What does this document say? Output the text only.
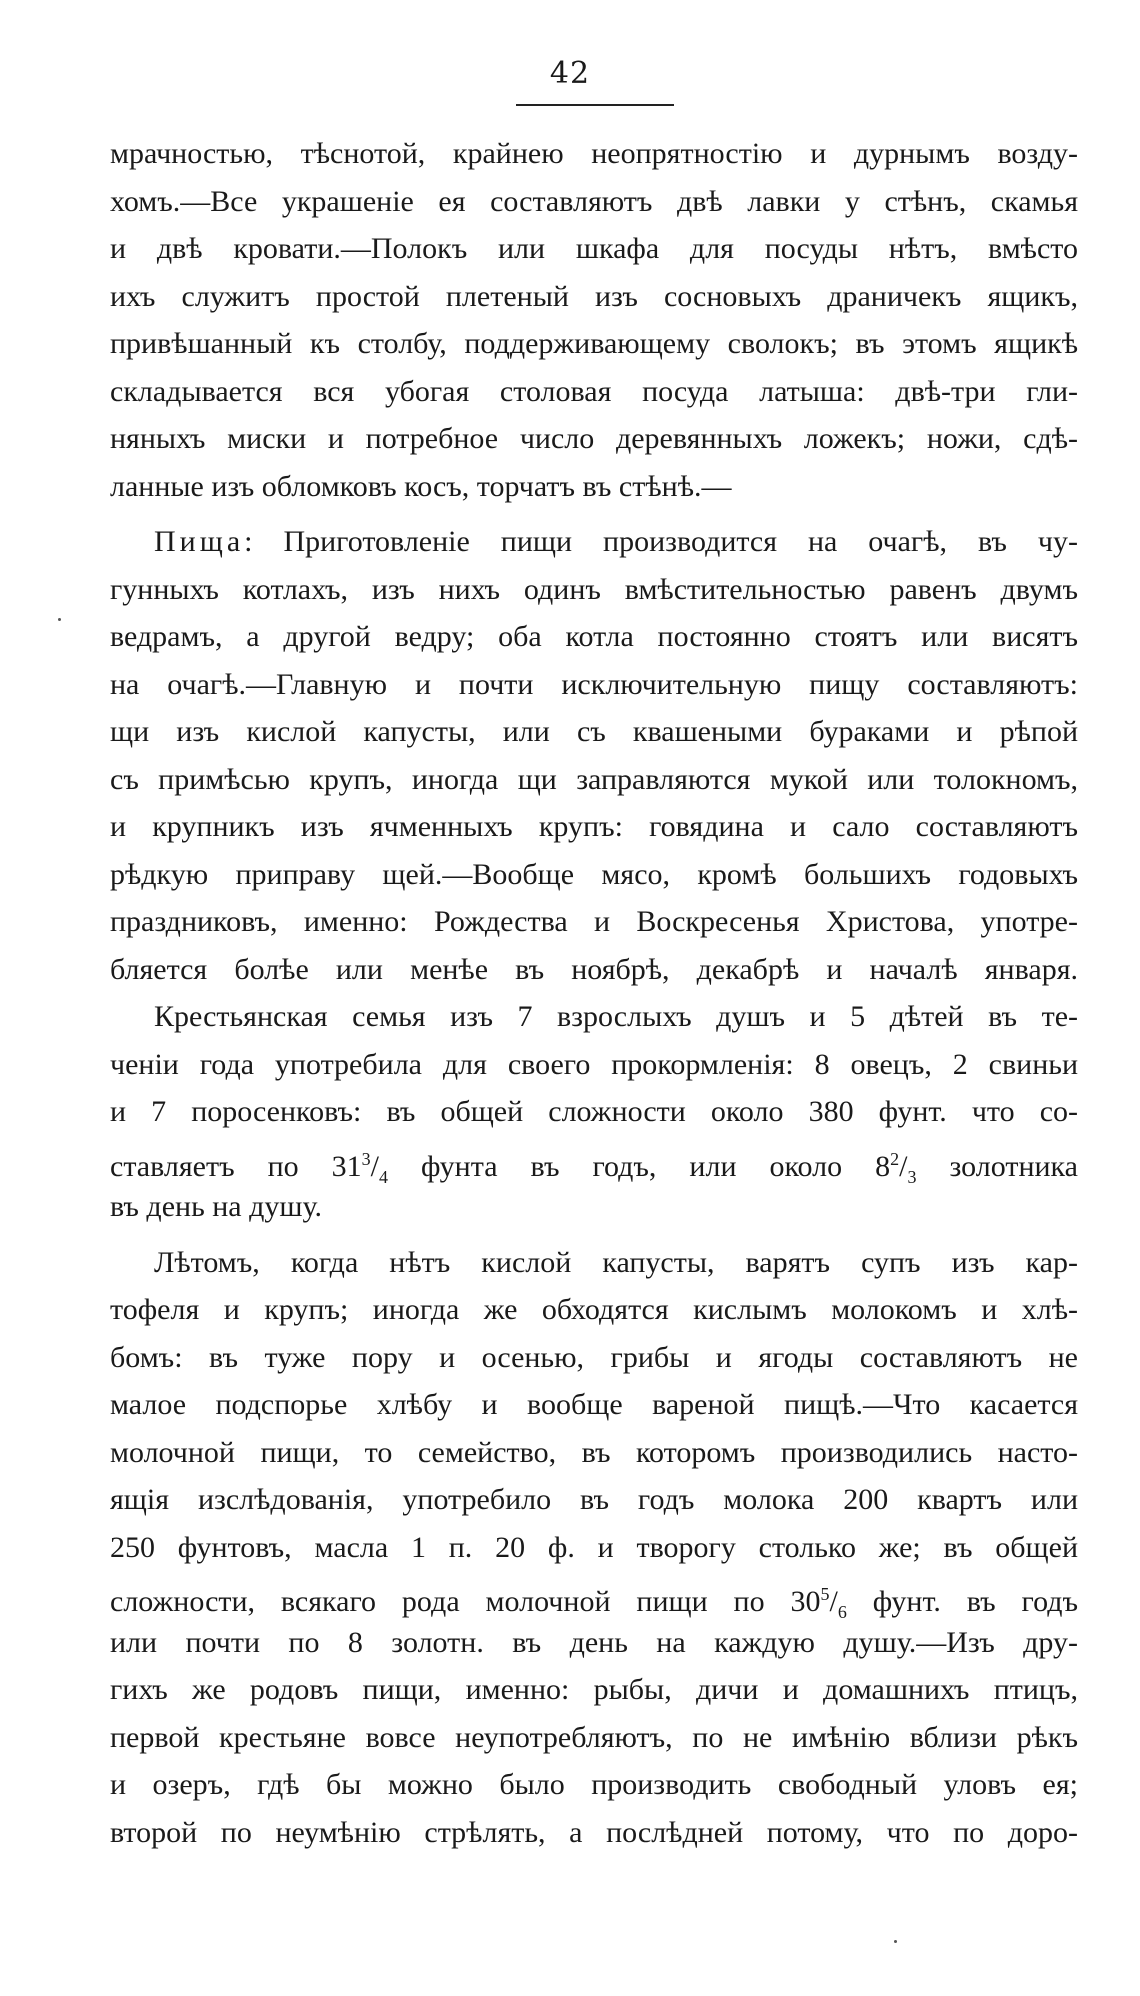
42
мрачностью, тѣснотой, крайнею неопрятностію и дурнымъ возду-
хомъ.—Все украшеніе ея составляютъ двѣ лавки у стѣнъ, скамья
и двѣ кровати.—Полокъ или шкафа для посуды нѣтъ, вмѣсто
ихъ служитъ простой плетеный изъ сосновыхъ драничекъ ящикъ,
привѣшанный къ столбу, поддерживающему сволокъ; въ этомъ ящикѣ
складывается вся убогая столовая посуда латыша: двѣ-три гли-
няныхъ миски и потребное число деревянныхъ ложекъ; ножи, сдѣ-
ланные изъ обломковъ косъ, торчатъ въ стѣнѣ.—
Пища: Приготовленіе пищи производится на очагѣ, въ чу-
гунныхъ котлахъ, изъ нихъ одинъ вмѣстительностью равенъ двумъ
ведрамъ, а другой ведру; оба котла постоянно стоятъ или висятъ
на очагѣ.—Главную и почти исключительную пищу составляютъ:
щи изъ кислой капусты, или съ квашеными бураками и рѣпой
съ примѣсью крупъ, иногда щи заправляются мукой или толокномъ,
и крупникъ изъ ячменныхъ крупъ: говядина и сало составляютъ
рѣдкую приправу щей.—Вообще мясо, кромѣ большихъ годовыхъ
праздниковъ, именно: Рождества и Воскресенья Христова, употре-
бляется болѣе или менѣе въ ноябрѣ, декабрѣ и началѣ января.
Крестьянская семья изъ 7 взрослыхъ душъ и 5 дѣтей въ те-
ченіи года употребила для своего прокормленія: 8 овецъ, 2 свиньи
и 7 поросенковъ: въ общей сложности около 380 фунт. что со-
ставляетъ по $31^3/_4$ фунта въ годъ, или около $8^2/_3$ золотника
въ день на душу.
Лѣтомъ, когда нѣтъ кислой капусты, варятъ супъ изъ кар-
тофеля и крупъ; иногда же обходятся кислымъ молокомъ и хлѣ-
бомъ: въ туже пору и осенью, грибы и ягоды составляютъ не
малое подспорье хлѣбу и вообще вареной пищѣ.—Что касается
молочной пищи, то семейство, въ которомъ производились насто-
ящія изслѣдованія, употребило въ годъ молока 200 квартъ или
250 фунтовъ, масла 1 п. 20 ф. и творогу столько же; въ общей
сложности, всякаго рода молочной пищи по $30^5/_6$ фунт. въ годъ
или почти по 8 золотн. въ день на каждую душу.—Изъ дру-
гихъ же родовъ пищи, именно: рыбы, дичи и домашнихъ птицъ,
первой крестьяне вовсе неупотребляютъ, по не имѣнію вблизи рѣкъ
и озеръ, гдѣ бы можно было производить свободный уловъ ея;
второй по неумѣнію стрѣлять, а послѣдней потому, что по доро-
